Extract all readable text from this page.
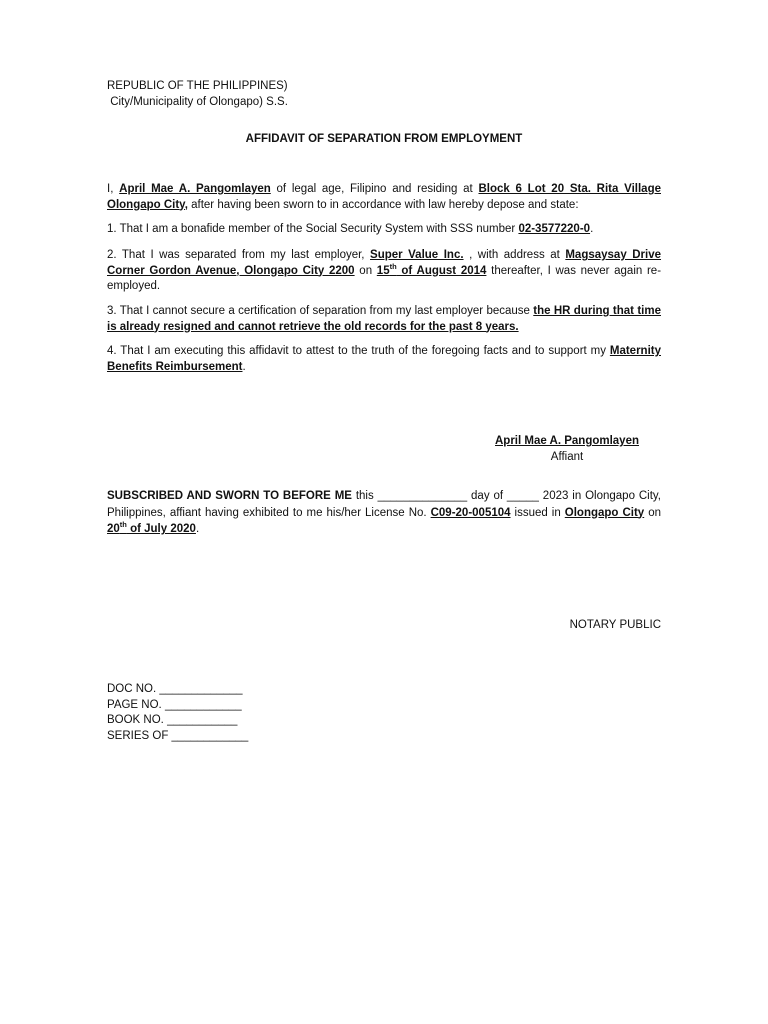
REPUBLIC OF THE PHILIPPINES)

City/Municipality of Olongapo) S.S.

AFFIDAVIT OF SEPARATION FROM EMPLOYMENT

I, April Mae A. Pangomlayen of legal age, Filipino and residing at Block 6 Lot 20 Sta. Rita Village Olongapo City, after having been sworn to in accordance with law hereby depose and state:

1. That I am a bonafide member of the Social Security System with SSS number 02-3577220-0.

2. That I was separated from my last employer, Super Value Inc. , with address at Magsaysay Drive Corner Gordon Avenue, Olongapo City 2200 on 15th of August 2014 thereafter, I was never again re-employed.

3. That I cannot secure a certification of separation from my last employer because the HR during that time is already resigned and cannot retrieve the old records for the past 8 years.

4. That I am executing this affidavit to attest to the truth of the foregoing facts and to support my Maternity Benefits Reimbursement.

April Mae A. Pangomlayen

Affiant

SUBSCRIBED AND SWORN TO BEFORE ME this ______________ day of _____ 2023 in Olongapo City, Philippines, affiant having exhibited to me his/her License No. C09-20-005104 issued in Olongapo City on 20th of July 2020.

NOTARY PUBLIC

DOC NO. _____________

PAGE NO. ____________

BOOK NO. ___________

SERIES OF ____________
